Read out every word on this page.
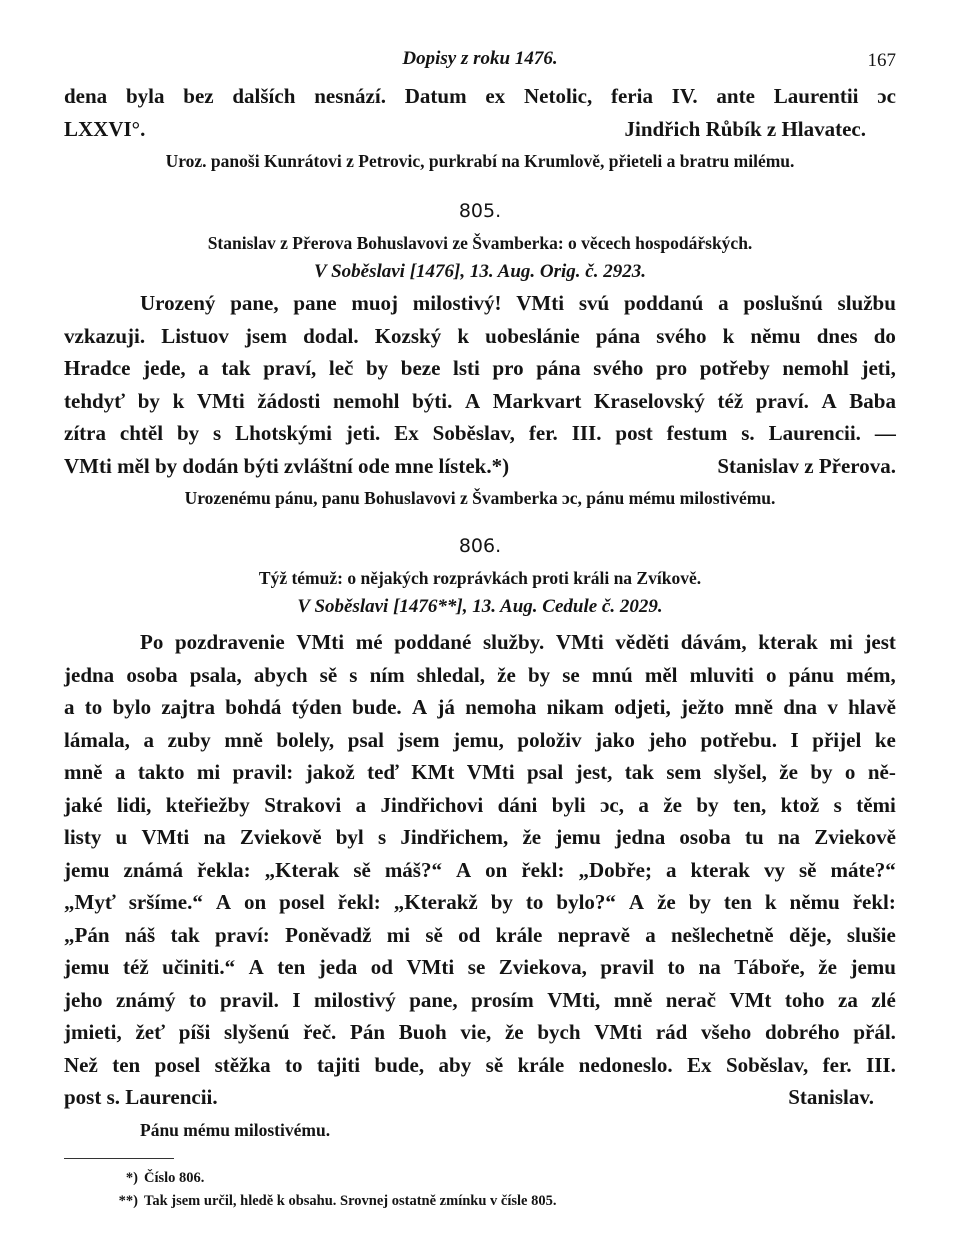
Dopisy z roku 1476.	167
dena byla bez dalších nesnází. Datum ex Netolic, feria IV. ante Laurentii ɔc
LXXVI°.	Jindřich Růbík z Hlavatec.
Uroz. panoši Kunrátovi z Petrovic, purkrabí na Krumlově, přieteli a bratru milému.
805.
Stanislav z Přerova Bohuslavovi ze Švamberka: o věcech hospodářských.
V Soběslavi [1476], 13. Aug. Orig. č. 2923.
Urozený pane, pane muoj milostivý! VMti svú poddanú a poslušnú službu
vzkazuji. Listuov jsem dodal. Kozský k uobeslánie pána svého k němu dnes do
Hradce jede, a tak praví, leč by beze lsti pro pána svého pro potřeby nemohl jeti,
tehdyť by k VMti žádosti nemohl býti. A Markvart Kraselovský též praví. A Baba
zítra chtěl by s Lhotskými jeti. Ex Soběslav, fer. III. post festum s. Laurencii. —
VMti měl by dodán býti zvláštní ode mne lístek.*)	Stanislav z Přerova.
Urozenému pánu, panu Bohuslavovi z Švamberka ɔc, pánu mému milostivému.
806.
Týž témuž: o nějakých rozprávkách proti králi na Zvíkově.
V Soběslavi [1476**], 13. Aug. Cedule č. 2029.
Po pozdravenie VMti mé poddané služby. VMti věděti dávám, kterak mi jest
jedna osoba psala, abych sě s ním shledal, že by se mnú měl mluviti o pánu mém,
a to bylo zajtra bohdá týden bude. A já nemoha nikam odjeti, ježto mně dna v hlavě
lámala, a zuby mně bolely, psal jsem jemu, položiv jako jeho potřebu. I přijel ke
mně a takto mi pravil: jakož teď KMt VMti psal jest, tak sem slyšel, že by o ně-
jaké lidi, kteřiežby Strakovi a Jindřichovi dáni byli ɔc, a že by ten, ktož s těmi
listy u VMti na Zviekově byl s Jindřichem, že jemu jedna osoba tu na Zviekově
jemu známá řekla: „Kterak sě máš?“ A on řekl: „Dobře; a kterak vy sě máte?“
„Myť sršíme.“ A on posel řekl: „Kterakž by to bylo?“ A že by ten k němu řekl:
„Pán náš tak praví: Poněvadž mi sě od krále nepravě a nešlechetně děje, slušie
jemu též učiniti.“ A ten jeda od VMti se Zviekova, pravil to na Táboře, že jemu
jeho známý to pravil. I milostivý pane, prosím VMti, mně nerač VMt toho za zlé
jmieti, žeť píši slyšenú řeč. Pán Buoh vie, že bych VMti rád všeho dobrého přál.
Než ten posel stěžka to tajiti bude, aby sě krále nedoneslo. Ex Soběslav, fer. III.
post s. Laurencii.	Stanislav.
Pánu mému milostivému.
*) Číslo 806.
**) Tak jsem určil, hledě k obsahu. Srovnej ostatně zmínku v čísle 805.
